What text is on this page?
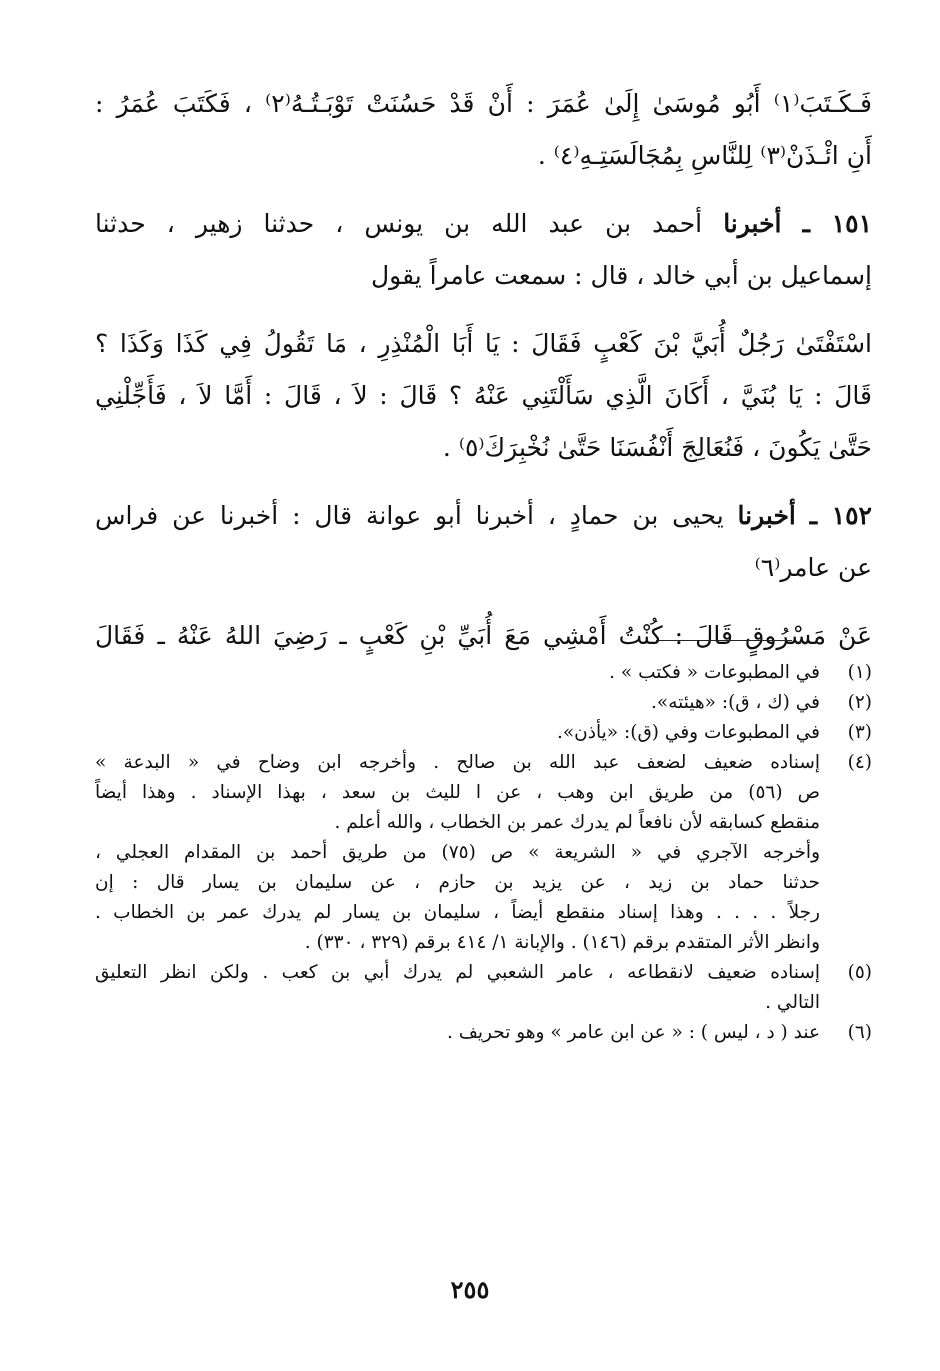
فَـكَـتَبَ⁽١⁾ أَبُو مُوسَىٰ إِلَىٰ عُمَرَ : أَنْ قَدْ حَسُنَتْ تَوْبَـتُـهُ⁽٢⁾ ، فَكَتَبَ عُمَرُ :
أَنِ ائْـذَنْ⁽٣⁾ لِلنَّاسِ بِمُجَالَسَتِـهِ⁽٤⁾ .
١٥١ ـ أخبرنا أحمد بن عبد الله بن يونس ، حدثنا زهير ، حدثنا
إسماعيل بن أبي خالد ، قال : سمعت عامراً يقول
اسْتَفْتَىٰ رَجُلٌ أُبَيَّ بْنَ كَعْبٍ فَقَالَ : يَا أَبَا الْمُنْذِرِ ، مَا تَقُولُ فِي كَذَا وَكَذَا ؟
قَالَ : يَا بُنَيَّ ، أَكَانَ الَّذِي سَأَلْتَنِي عَنْهُ ؟ قَالَ : لاَ ، قَالَ : أَمَّا لاَ ، فَأَجِّلْنِي
حَتَّىٰ يَكُونَ ، فَنُعَالِجَ أَنْفُسَنَا حَتَّىٰ نُخْبِرَكَ⁽٥⁾ .
١٥٢ ـ أخبرنا يحيى بن حمادٍ ، أخبرنا أبو عوانة قال : أخبرنا عن فراس
عن عامر⁽٦⁾
عَنْ مَسْرُوقٍ قَالَ : كُنْتُ أَمْشِي مَعَ أُبَيِّ بْنِ كَعْبٍ ـ رَضِيَ اللهُ عَنْهُ ـ فَقَالَ
(١)
في المطبوعات « فكتب » .
(٢)
في (ك ، ق): «هيئته».
(٣)
في المطبوعات وفي (ق): «يأذن».
(٤)
إسناده ضعيف لضعف عبد الله بن صالح . وأخرجه ابن وضاح في « البدعة »
ص (٥٦) من طريق ابن وهب ، عن ا لليث بن سعد ، بهذا الإسناد . وهذا أيضاً
منقطع كسابقه لأن نافعاً لم يدرك عمر بن الخطاب ، والله أعلم .
وأخرجه الآجري في « الشريعة » ص (٧٥) من طريق أحمد بن المقدام العجلي ،
حدثنا حماد بن زيد ، عن يزيد بن حازم ، عن سليمان بن يسار قال : إن
رجلاً . . . . وهذا إسناد منقطع أيضاً ، سليمان بن يسار لم يدرك عمر بن الخطاب .
وانظر الأثر المتقدم برقم (١٤٦) . والإبانة ١/ ٤١٤ برقم (٣٢٩ ، ٣٣٠) .
(٥)
إسناده ضعيف لانقطاعه ، عامر الشعبي لم يدرك أبي بن كعب . ولكن انظر التعليق
التالي .
(٦)
عند ( د ، ليس ) : « عن ابن عامر » وهو تحريف .
٢٥٥
